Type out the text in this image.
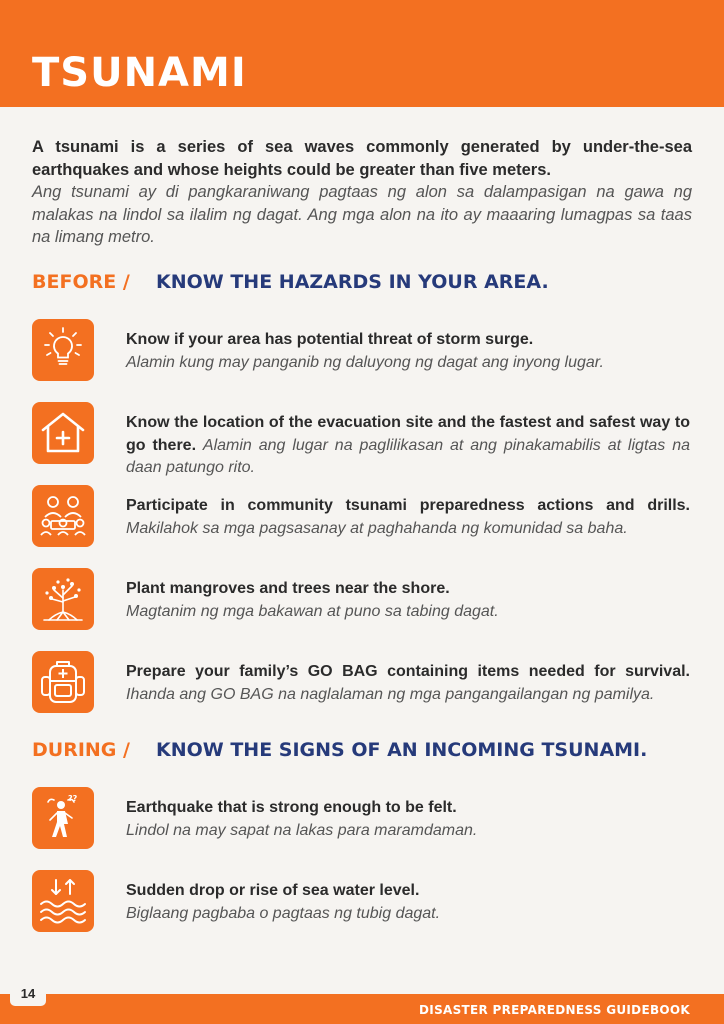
TSUNAMI
A tsunami is a series of sea waves commonly generated by under-the-sea earthquakes and whose heights could be greater than five meters.
Ang tsunami ay di pangkaraniwang pagtaas ng alon sa dalampasigan na gawa ng malakas na lindol sa ilalim ng dagat. Ang mga alon na ito ay maaaring lumagpas sa taas na limang metro.
BEFORE / KNOW THE HAZARDS IN YOUR AREA.
Know if your area has potential threat of storm surge.
Alamin kung may panganib ng daluyong ng dagat ang inyong lugar.
Know the location of the evacuation site and the fastest and safest way to go there. Alamin ang lugar na paglilikasan at ang pinakamabilis at ligtas na daan patungo rito.
Participate in community tsunami preparedness actions and drills. Makilahok sa mga pagsasanay at paghahanda ng komunidad sa baha.
Plant mangroves and trees near the shore.
Magtanim ng mga bakawan at puno sa tabing dagat.
Prepare your family’s GO BAG containing items needed for survival. Ihanda ang GO BAG na naglalaman ng mga pangangailangan ng pamilya.
DURING / KNOW THE SIGNS OF AN INCOMING TSUNAMI.
??
Earthquake that is strong enough to be felt.
Lindol na may sapat na lakas para maramdaman.
Sudden drop or rise of sea water level.
Biglaang pagbaba o pagtaas ng tubig dagat.
14

DISASTER PREPAREDNESS GUIDEBOOK
